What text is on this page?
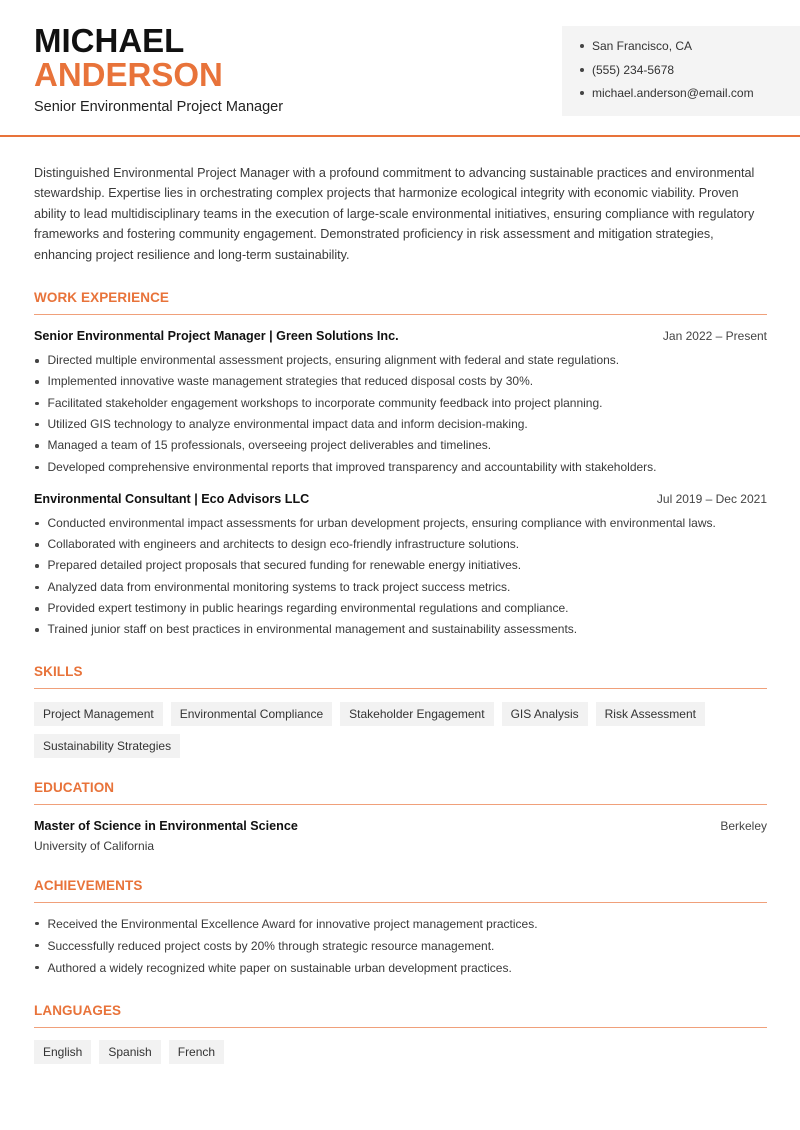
MICHAEL
ANDERSON
Senior Environmental Project Manager
San Francisco, CA
(555) 234-5678
michael.anderson@email.com

Distinguished Environmental Project Manager with a profound commitment to advancing sustainable practices and environmental stewardship. Expertise lies in orchestrating complex projects that harmonize ecological integrity with economic viability. Proven ability to lead multidisciplinary teams in the execution of large-scale environmental initiatives, ensuring compliance with regulatory frameworks and fostering community engagement. Demonstrated proficiency in risk assessment and mitigation strategies, enhancing project resilience and long-term sustainability.

WORK EXPERIENCE
Senior Environmental Project Manager | Green Solutions Inc.	Jan 2022 – Present
Directed multiple environmental assessment projects, ensuring alignment with federal and state regulations.
Implemented innovative waste management strategies that reduced disposal costs by 30%.
Facilitated stakeholder engagement workshops to incorporate community feedback into project planning.
Utilized GIS technology to analyze environmental impact data and inform decision-making.
Managed a team of 15 professionals, overseeing project deliverables and timelines.
Developed comprehensive environmental reports that improved transparency and accountability with stakeholders.
Environmental Consultant | Eco Advisors LLC	Jul 2019 – Dec 2021
Conducted environmental impact assessments for urban development projects, ensuring compliance with environmental laws.
Collaborated with engineers and architects to design eco-friendly infrastructure solutions.
Prepared detailed project proposals that secured funding for renewable energy initiatives.
Analyzed data from environmental monitoring systems to track project success metrics.
Provided expert testimony in public hearings regarding environmental regulations and compliance.
Trained junior staff on best practices in environmental management and sustainability assessments.
SKILLS
Project Management	Environmental Compliance	Stakeholder Engagement	GIS Analysis	Risk Assessment
Sustainability Strategies
EDUCATION
Master of Science in Environmental Science	Berkeley
University of California
ACHIEVEMENTS
Received the Environmental Excellence Award for innovative project management practices.
Successfully reduced project costs by 20% through strategic resource management.
Authored a widely recognized white paper on sustainable urban development practices.
LANGUAGES
English	Spanish	French
